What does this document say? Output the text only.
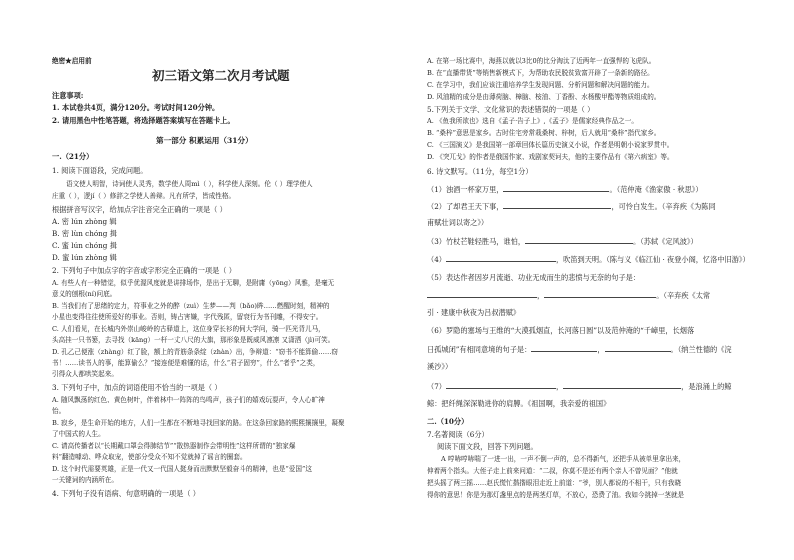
绝密★启用前
初三语文第二次月考试题
注意事项:
1. 本试卷共4页，满分120分。考试时间120分钟。
2. 请用黑色中性笔答题，将选择题答案填写在答题卡上。
第一部分 积累运用（31分）
一.（21分）
1. 阅读下面语段，完成问题。
语文使人明智，诗词使人灵秀，数学使人周mì（ ），科学使人深刻。伦（ ）理学使人
庄重（ ），逻jí（ ）修辞之学使人善辩。凡有所学，皆成性格。
根据拼音写汉字，给加点字注音完全正确的一项是（ ）
A. 密 lún zhòng 辑
B. 密 lùn chóng 揖
C. 蜜 lún chóng 揖
D. 蜜 lún zhòng 辑
2. 下列句子中加点字的字音或字形完全正确的一项是（ ）
A. 有些人有一种错觉，似乎优渥风度就是讲排场作，是出于无聊，是附庸（yōng）风雅，是毫无
意义的刨根(ní)问底。
B. 当我们有了思绪的定力，符事业之外的醉（zuì）生梦——判（bǎo)眸……燃醒时刻，精神的
小星也变得往往使所爱好的事业。否则，铸占害嫌，字代残匿，留衰行为书刊雕，不得安宁。
C. 人们看见，在长城内外崇山峻岭的古驿道上，这位身穿长衫的伺大学问，骑一匹光背儿马，
头高挂一只书篓，去寻找（kāng）一杆一丈八尺的大旗，那形象是既威风凛凛 又潇洒（jì)可笑。
D. 孔乙己便涨（zhàng）红了脸，额上的青筋条条绽（zhàn）出，争辩道：“窃书不能算偷……窃
书！……读书人的事，能算偷么？”接连便是难懂的话，什么“君子固穷”，什么“者乎”之类，
引得众人都哄笑起来。
3. 下列句子中，加点的词语使用不恰当的一项是（ ）
A. 随风飘荡的红色、黄色树叶，伴着林中一阵阵的鸟鸣声，孩子们的嬉戏玩耍声，令人心旷神
怡。
B. 寂乡，是生命开始的地方，人们一生都在不断地寻找回家的路。在这条回家路的熙熙攘攘里，凝聚
了中国式的人生。
C. 请高传播者以“长期戴口罩会得肺结节”“散热器制作会带明性”这样所谓的“独家爆
料”翻造噱动、哗众取宠，使部分受众不知不觉就掉了谣言的圈套。
D. 这个时代需要英雄，正是一代又一代国人挺身而出默默坚毅奋斗的精神，也是“爱国”这
一关键词的内涵所在。
4. 下列句子没有语病、句意明确的一项是（ ）
A. 在第一场比赛中，海燕以就以3比0的比分淘汰了近两年一直强悍的飞虎队。
B. 在“直播带货”等销售新模式下，为帮助农民脱贫致富开辟了一条新的路径。
C. 在学习中，我们应该注重培养学生发现问题、分析问题和解决问题的能力。
D. 风油精的成分是由薄荷脑、樟脑、桉油、丁香酚、水杨酸甲酯等物质组成的。
5.下列关于文学、文化常识的表述错误的一项是（ ）
A. 《鱼我所欲也》选自《孟子·告子上》,《孟子》是儒家经典作品之一。
B. “桑梓”意思是家乡。古时住宅旁常栽桑树、梓树，后人就用“桑梓”指代家乡。
C. 《三国演义》是我国第一部章回体长篇历史演义小说，作者是明朝小说家罗贯中。
D. 《突兀戈》的作者是俄国作家、戏剧家契诃夫，他的主要作品有《第六病室》等。
6. 诗文默写。（11分，每空1分）
（1）浊酒一杯家万里，	。（范仲淹《渔家傲 · 秋思》）
（2）了却君王天下事，	，可怜白发生。（辛弃疾《为陈同
甫赋壮词以寄之》）
（3）竹杖芒鞋轻胜马，谁怕，	。（苏轼《定风波》）
（4）	，吹笛到天明。（陈与义《临江仙 · 夜登小阁，忆洛中旧游》）
（5）表达作者因岁月流逝、功业无成而生的悲愤与无奈的句子是：
，	。（辛弃疾《太常
引 · 建康中秋夜为吕叔潜赋》
（6）罗隐的塞场与王维的“大漠孤烟直，长河落日圆”以及范仲淹的“千嶂里，长烟落
日孤城闭”有相同意境的句子是：	，	。（纳兰性德的《浣
溪沙》）
（7）	，	，是浪涌上的鲸
鲸：把纤绳深深勒进你的肩膊。《祖国啊，我亲爱的祖国》
二.（10分）
7.名著阅读（6分）
阅读下面文段，回答下列问题。
A 哼哧哼哧喘了一进一出，一声不倒一声的，总不得新气，还把手从被单里拿出来，
伸着两个指头。大侄子走上前来问道：“二叔，你莫不是还有两个亲人不曾见面？”他就
把头摇了两三摇……赵氏慌忙揩揩眼泪走近上前道：“爷，别人都说的不相干，只有我晓
得你的意思！你是为那灯盏里点的是两茎灯草，不放心，恐费了油。我如今挑掉一茎就是
